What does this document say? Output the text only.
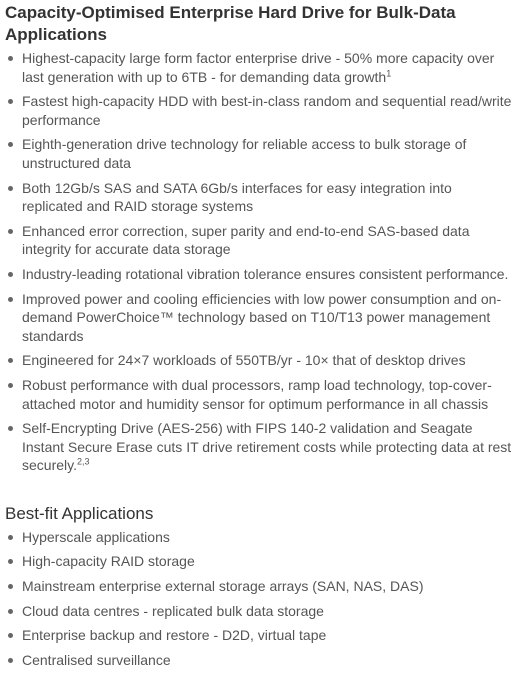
Capacity-Optimised Enterprise Hard Drive for Bulk-Data Applications
Highest-capacity large form factor enterprise drive - 50% more capacity over last generation with up to 6TB - for demanding data growth$^1$
Fastest high-capacity HDD with best-in-class random and sequential read/write performance
Eighth-generation drive technology for reliable access to bulk storage of unstructured data
Both 12Gb/s SAS and SATA 6Gb/s interfaces for easy integration into replicated and RAID storage systems
Enhanced error correction, super parity and end-to-end SAS-based data integrity for accurate data storage
Industry-leading rotational vibration tolerance ensures consistent performance.
Improved power and cooling efficiencies with low power consumption and on-demand PowerChoice™ technology based on T10/T13 power management standards
Engineered for 24×7 workloads of 550TB/yr - 10× that of desktop drives
Robust performance with dual processors, ramp load technology, top-cover-attached motor and humidity sensor for optimum performance in all chassis
Self-Encrypting Drive (AES-256) with FIPS 140-2 validation and Seagate Instant Secure Erase cuts IT drive retirement costs while protecting data at rest securely.$^{2,3}$
Best-fit Applications
Hyperscale applications
High-capacity RAID storage
Mainstream enterprise external storage arrays (SAN, NAS, DAS)
Cloud data centres - replicated bulk data storage
Enterprise backup and restore - D2D, virtual tape
Centralised surveillance
